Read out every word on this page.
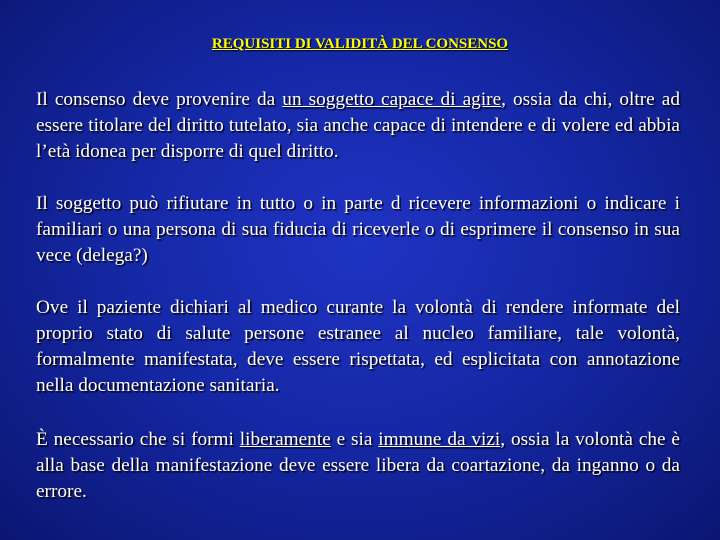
REQUISITI DI VALIDITÀ DEL CONSENSO

Il consenso deve provenire da un soggetto capace di agire, ossia da chi, oltre ad essere titolare del diritto tutelato, sia anche capace di intendere e di volere ed abbia l’età idonea per disporre di quel diritto.

Il soggetto può rifiutare in tutto o in parte d ricevere informazioni o indicare i familiari o una persona di sua fiducia di riceverle o di esprimere il consenso in sua vece (delega?)

Ove il paziente dichiari al medico curante la volontà di rendere informate del proprio stato di salute persone estranee al nucleo familiare, tale volontà, formalmente manifestata, deve essere rispettata, ed esplicitata con annotazione nella documentazione sanitaria.

È necessario che si formi liberamente e sia immune da vizi, ossia la volontà che è alla base della manifestazione deve essere libera da coartazione, da inganno o da errore.
